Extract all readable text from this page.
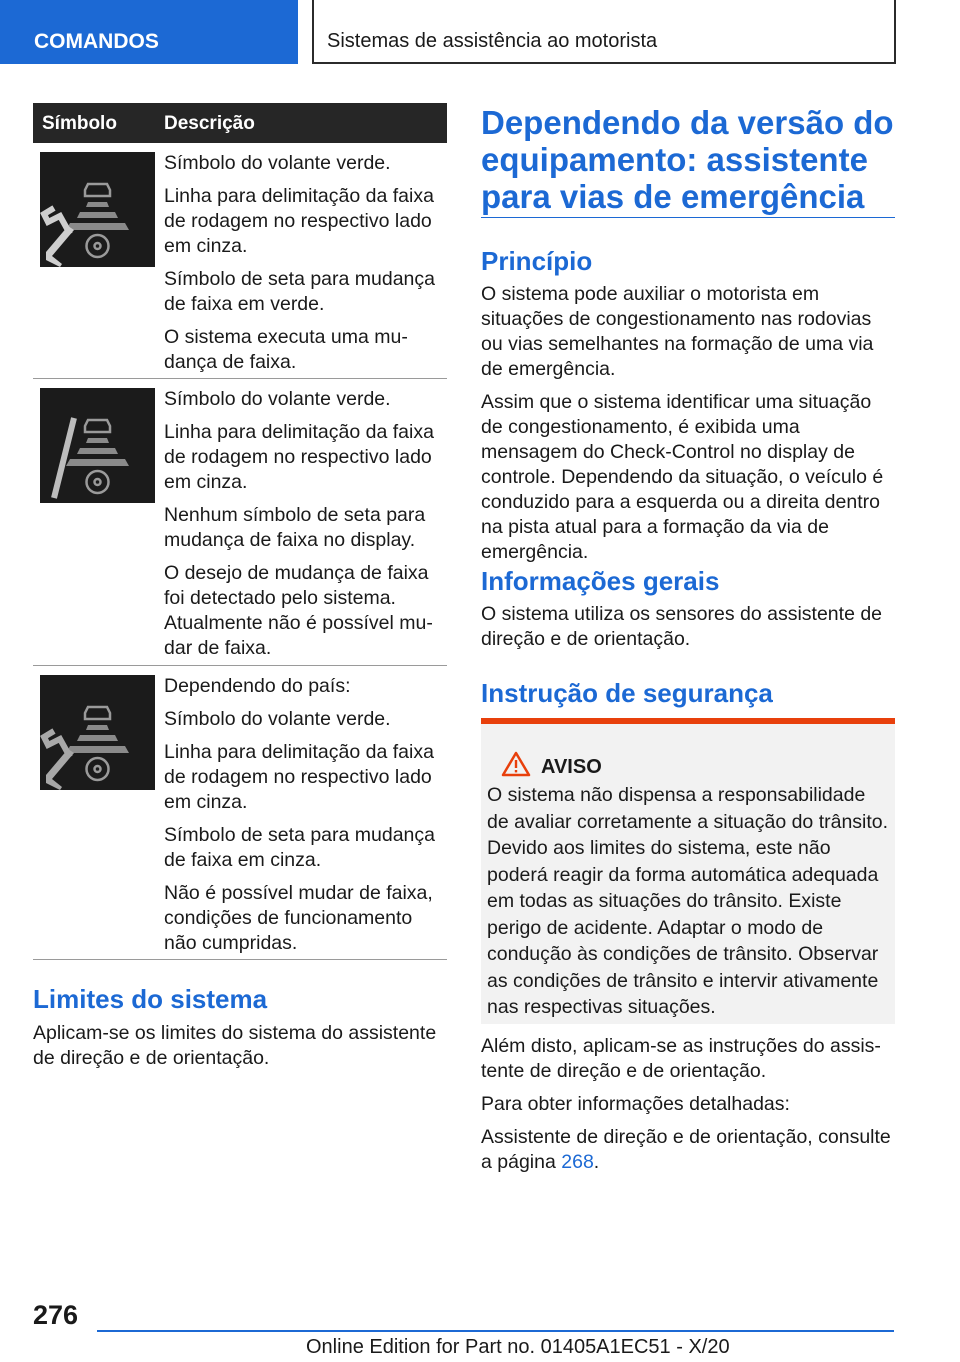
COMANDOS	Sistemas de assistência ao motorista
Símbolo Descrição

Símbolo do volante verde.

Linha para delimitação da faixa de rodagem no respectivo lado em cinza.

Símbolo de seta para mudança de faixa em verde.

O sistema executa uma mudança de faixa.

Símbolo do volante verde.

Linha para delimitação da faixa de rodagem no respectivo lado em cinza.

Nenhum símbolo de seta para mudança de faixa no display.

O desejo de mudança de faixa foi detectado pelo sistema. Atualmente não é possível mudar de faixa.

Dependendo do país:

Símbolo do volante verde.

Linha para delimitação da faixa de rodagem no respectivo lado em cinza.

Símbolo de seta para mudança de faixa em cinza.

Não é possível mudar de faixa, condições de funcionamento não cumpridas.

Limites do sistema

Aplicam-se os limites do sistema do assistente de direção e de orientação.

Dependendo da versão do equipamento: assistente para vias de emergência
Princípio

O sistema pode auxiliar o motorista em situações de congestionamento nas rodovias ou vias semelhantes na formação de uma via de emergência.

Assim que o sistema identificar uma situação de congestionamento, é exibida uma mensagem do Check-Control no display de controle. Dependendo da situação, o veículo é conduzido para a esquerda ou a direita dentro na pista atual para a formação da via de emergência.

Informações gerais

O sistema utiliza os sensores do assistente de direção e de orientação.

Instrução de segurança
AVISO
O sistema não dispensa a responsabilidade de avaliar corretamente a situação do trânsito. Devido aos limites do sistema, este não poderá reagir da forma automática adequada em todas as situações do trânsito. Existe perigo de acidente. Adaptar o modo de condução às condições de trânsito. Observar as condições de trânsito e intervir ativamente nas respectivas situações.

Além disto, aplicam-se as instruções do assistente de direção e de orientação.

Para obter informações detalhadas:

Assistente de direção e de orientação, consulte a página 268.

276
Online Edition for Part no. 01405A1EC51 - X/20
